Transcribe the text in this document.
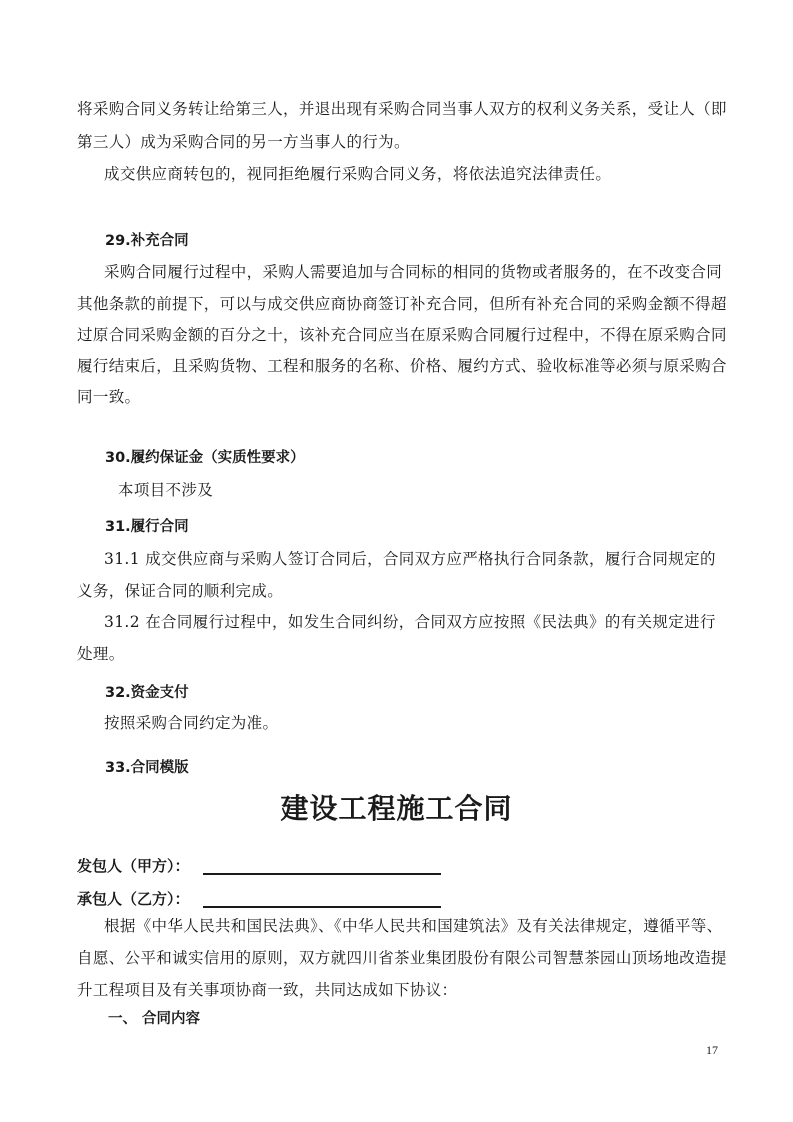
将采购合同义务转让给第三人，并退出现有采购合同当事人双方的权利义务关系，受让人（即
第三人）成为采购合同的另一方当事人的行为。
成交供应商转包的，视同拒绝履行采购合同义务，将依法追究法律责任。
29.补充合同
采购合同履行过程中，采购人需要追加与合同标的相同的货物或者服务的，在不改变合同
其他条款的前提下，可以与成交供应商协商签订补充合同，但所有补充合同的采购金额不得超
过原合同采购金额的百分之十，该补充合同应当在原采购合同履行过程中，不得在原采购合同
履行结束后，且采购货物、工程和服务的名称、价格、履约方式、验收标准等必须与原采购合
同一致。
30.履约保证金（实质性要求）
本项目不涉及
31.履行合同
31.1 成交供应商与采购人签订合同后，合同双方应严格执行合同条款，履行合同规定的
义务，保证合同的顺利完成。
31.2 在合同履行过程中，如发生合同纠纷，合同双方应按照《民法典》的有关规定进行
处理。
32.资金支付
按照采购合同约定为准。
33.合同模版
建设工程施工合同
发包人（甲方）：
承包人（乙方）：
根据《中华人民共和国民法典》、《中华人民共和国建筑法》及有关法律规定，遵循平等、
自愿、公平和诚实信用的原则，双方就四川省茶业集团股份有限公司智慧茶园山顶场地改造提
升工程项目及有关事项协商一致，共同达成如下协议：
一、 合同内容
17
